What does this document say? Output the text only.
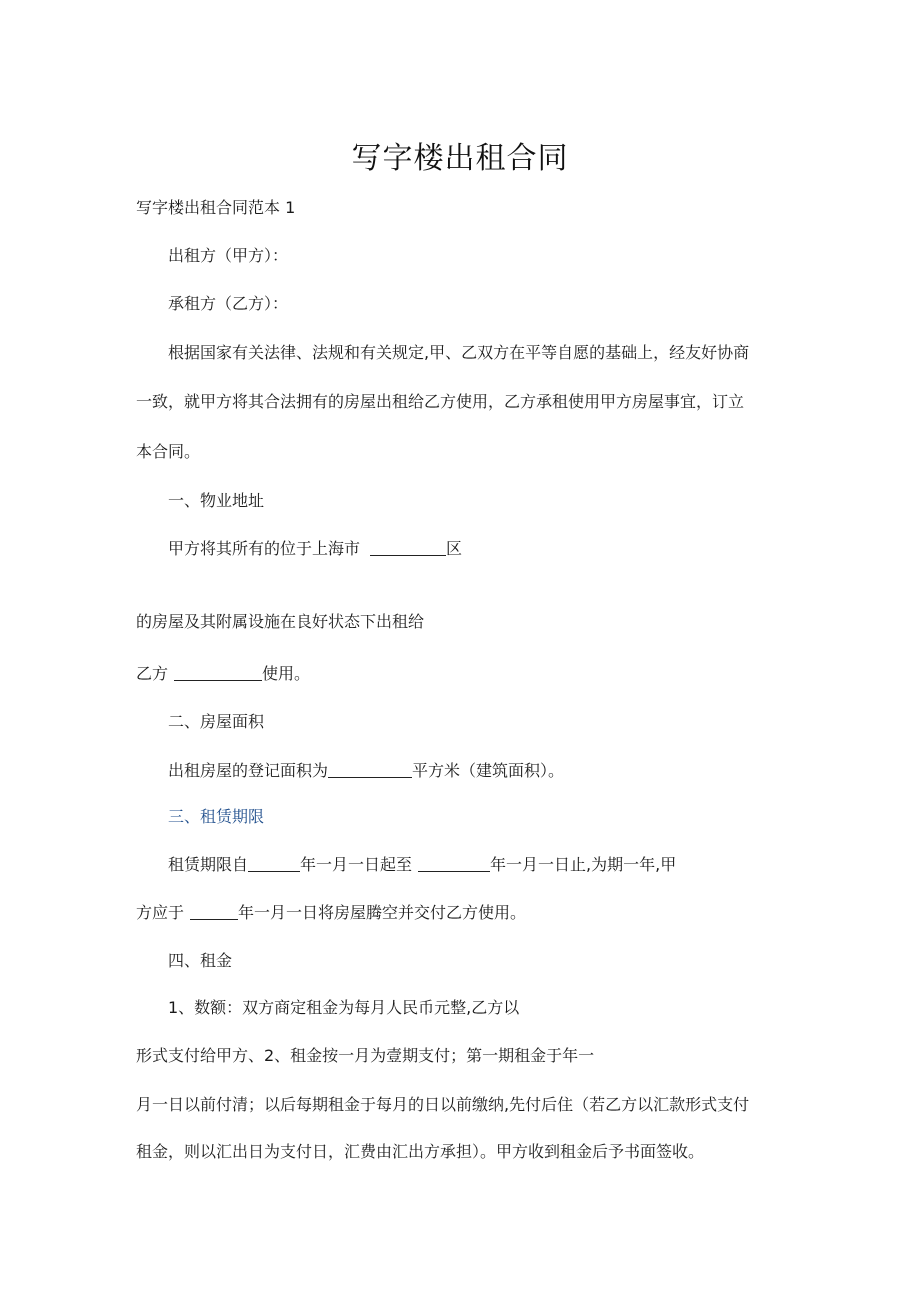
写字楼出租合同
写字楼出租合同范本 1
出租方（甲方）：
承租方（乙方）：
根据国家有关法律、法规和有关规定,甲、乙双方在平等自愿的基础上，经友好协商
一致，就甲方将其合法拥有的房屋出租给乙方使用，乙方承租使用甲方房屋事宜，订立
本合同。
一、物业地址
甲方将其所有的位于上海市	区
的房屋及其附属设施在良好状态下出租给
乙方	使用。
二、房屋面积
出租房屋的登记面积为	平方米（建筑面积）。
三、租赁期限
租赁期限自	年一月一日起至	年一月一日止,为期一年,甲
方应于	年一月一日将房屋腾空并交付乙方使用。
四、租金
1、数额：双方商定租金为每月人民币元整,乙方以
形式支付给甲方、2、租金按一月为壹期支付；第一期租金于年一
月一日以前付清；以后每期租金于每月的日以前缴纳,先付后住（若乙方以汇款形式支付
租金，则以汇出日为支付日，汇费由汇出方承担）。甲方收到租金后予书面签收。
